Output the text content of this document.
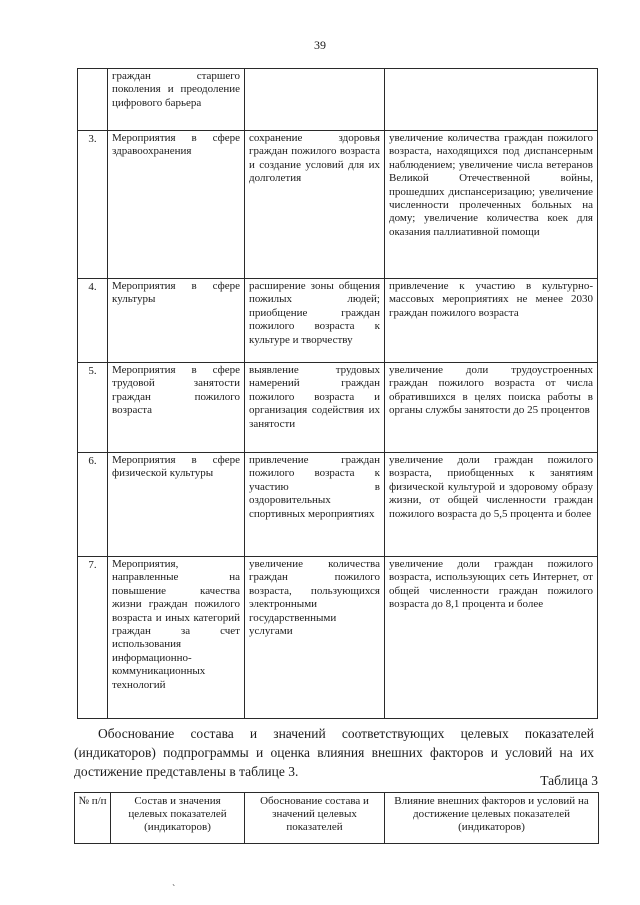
39
	граждан старшего поколения и преодоление цифрового барьера		
3.	Мероприятия в сфере здравоохранения	сохранение здоровья граждан пожилого возраста и создание условий для их долголетия	увеличение количества граждан пожилого возраста, находящихся под диспансерным наблюдением; увеличение числа ветеранов Великой Отечественной войны, прошедших диспансеризацию; увеличение численности пролеченных больных на дому; увеличение количества коек для оказания паллиативной помощи
4.	Мероприятия в сфере культуры	расширение зоны общения пожилых людей; приобщение граждан пожилого возраста к культуре и творчеству	привлечение к участию в культурно-массовых мероприятиях не менее 2030 граждан пожилого возраста
5.	Мероприятия в сфере трудовой занятости граждан пожилого возраста	выявление трудовых намерений граждан пожилого возраста и организация содействия их занятости	увеличение доли трудоустроенных граждан пожилого возраста от числа обратившихся в целях поиска работы в органы службы занятости до 25 процентов
6.	Мероприятия в сфере физической культуры	привлечение граждан пожилого возраста к участию в оздоровительных спортивных мероприятиях	увеличение доли граждан пожилого возраста, приобщенных к занятиям физической культурой и здоровому образу жизни, от общей численности граждан пожилого возраста до 5,5 процента и более
7.	Мероприятия, направленные на повышение качества жизни граждан пожилого возраста и иных категорий граждан за счет использования информационно-коммуникационных технологий	увеличение количества граждан пожилого возраста, пользующихся электронными государственными услугами	увеличение доли граждан пожилого возраста, использующих сеть Интернет, от общей численности граждан пожилого возраста до 8,1 процента и более
Обоснование состава и значений соответствующих целевых показателей (индикаторов) подпрограммы и оценка влияния внешних факторов и условий на их достижение представлены в таблице 3.
Таблица 3
№ п/п	Состав и значения целевых показателей (индикаторов)	Обоснование состава и значений целевых показателей	Влияние внешних факторов и условий на достижение целевых показателей (индикаторов)
`
